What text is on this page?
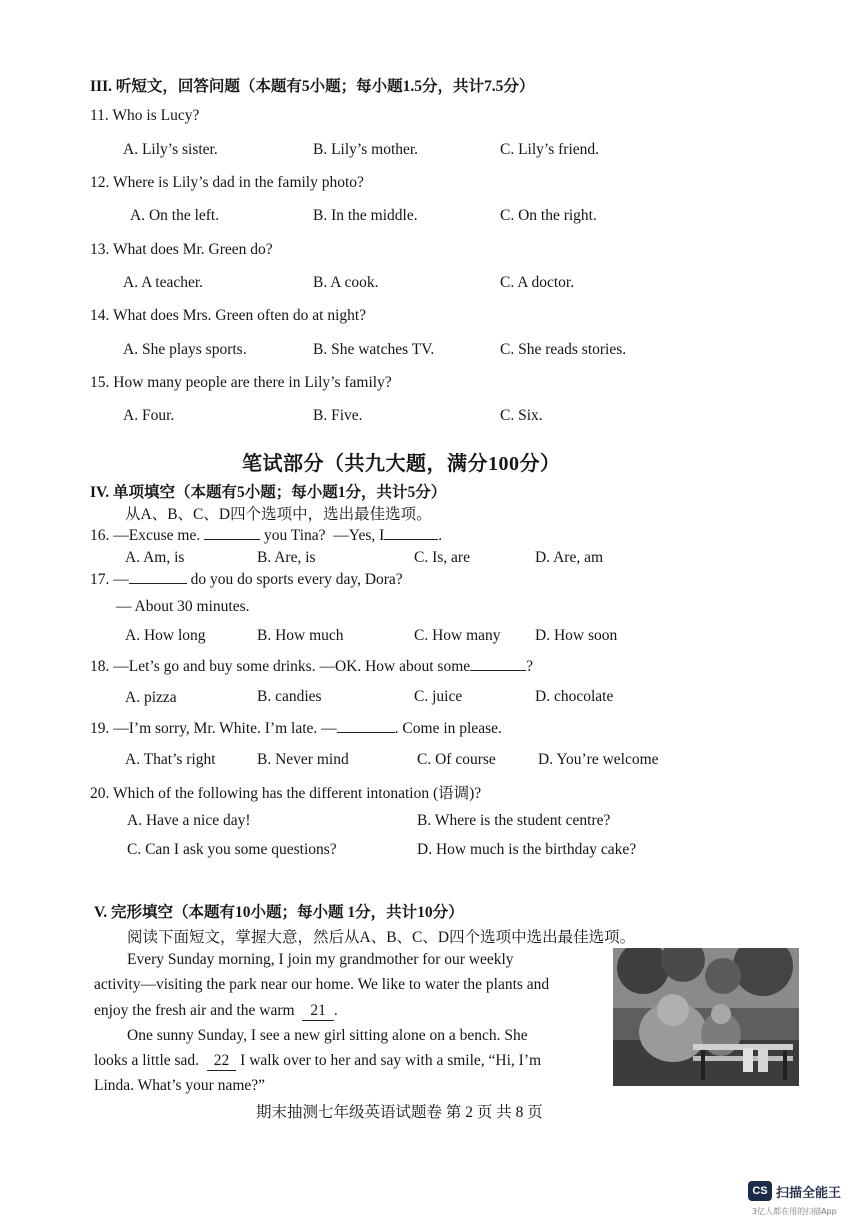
III. 听短文，回答问题（本题有5小题；每小题1.5分，共计7.5分）
11. Who is Lucy?
A. Lily’s sister.	B. Lily’s mother.	C. Lily’s friend.
12. Where is Lily’s dad in the family photo?
A. On the left.	B. In the middle.	C. On the right.
13. What does Mr. Green do?
A. A teacher.	B. A cook.	C. A doctor.
14. What does Mrs. Green often do at night?
A. She plays sports.	B. She watches TV.	C. She reads stories.
15. How many people are there in Lily’s family?
A. Four.	B. Five.	C. Six.
笔试部分（共九大题，满分100分）
IV. 单项填空（本题有5小题；每小题1分，共计5分）
从A、B、C、D四个选项中，选出最佳选项。
16. —Excuse me.	you Tina? —Yes, I	.
A. Am, is	B. Are, is	C. Is, are	D. Are, am
17. —	do you do sports every day, Dora?
— About 30 minutes.
A. How long	B. How much	C. How many D. How soon
18. —Let’s go and buy some drinks. —OK. How about some	?
A. pizza	B. candies	C. juice	D. chocolate
19. —I’m sorry, Mr. White. I’m late. —	. Come in please.
A. That’s right	B. Never mind	C. Of course	D. You’re welcome
20. Which of the following has the different intonation (语调)?
A. Have a nice day!	B. Where is the student centre?
C. Can I ask you some questions?	D. How much is the birthday cake?
V. 完形填空（本题有10小题；每小题 1分，共计10分）
阅读下面短文，掌握大意，然后从A、B、C、D四个选项中选出最佳选项。
Every Sunday morning, I join my grandmother for our weekly
activity—visiting the park near our home. We like to water the plants and
enjoy the fresh air and the warm 21 .
One sunny Sunday, I see a new girl sitting alone on a bench. She
looks a little sad. 22 I walk over to her and say with a smile, “Hi, I’m
Linda. What’s your name?”
期末抽测七年级英语试题卷 第 2 页 共 8 页
CS 扫描全能王
3亿人都在用的扫描App
